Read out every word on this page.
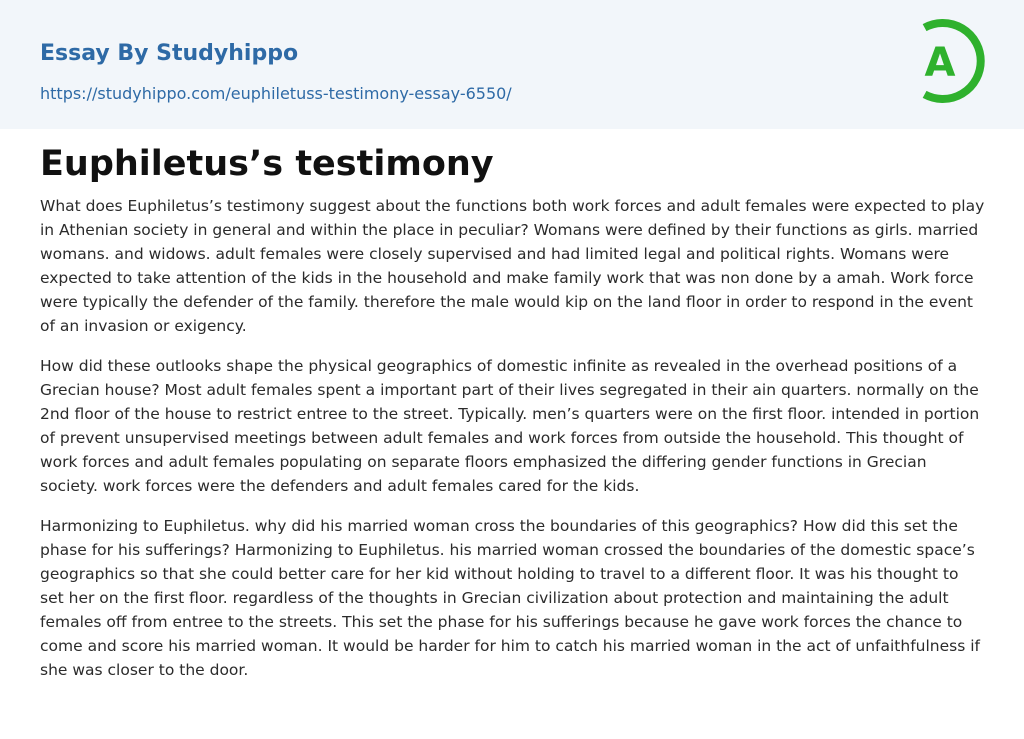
Essay By Studyhippo
https://studyhippo.com/euphiletuss-testimony-essay-6550/
A
Euphiletus’s testimony

What does Euphiletus’s testimony suggest about the functions both work forces and adult females were expected to play in Athenian society in general and within the place in peculiar? Womans were defined by their functions as girls. married womans. and widows. adult females were closely supervised and had limited legal and political rights. Womans were expected to take attention of the kids in the household and make family work that was non done by a amah. Work force were typically the defender of the family. therefore the male would kip on the land floor in order to respond in the event of an invasion or exigency.

How did these outlooks shape the physical geographics of domestic infinite as revealed in the overhead positions of a Grecian house? Most adult females spent a important part of their lives segregated in their ain quarters. normally on the 2nd floor of the house to restrict entree to the street. Typically. men’s quarters were on the first floor. intended in portion of prevent unsupervised meetings between adult females and work forces from outside the household. This thought of work forces and adult females populating on separate floors emphasized the differing gender functions in Grecian society. work forces were the defenders and adult females cared for the kids.

Harmonizing to Euphiletus. why did his married woman cross the boundaries of this geographics? How did this set the phase for his sufferings? Harmonizing to Euphiletus. his married woman crossed the boundaries of the domestic space’s geographics so that she could better care for her kid without holding to travel to a different floor. It was his thought to set her on the first floor. regardless of the thoughts in Grecian civilization about protection and maintaining the adult females off from entree to the streets. This set the phase for his sufferings because he gave work forces the chance to come and score his married woman. It would be harder for him to catch his married woman in the act of unfaithfulness if she was closer to the door.
